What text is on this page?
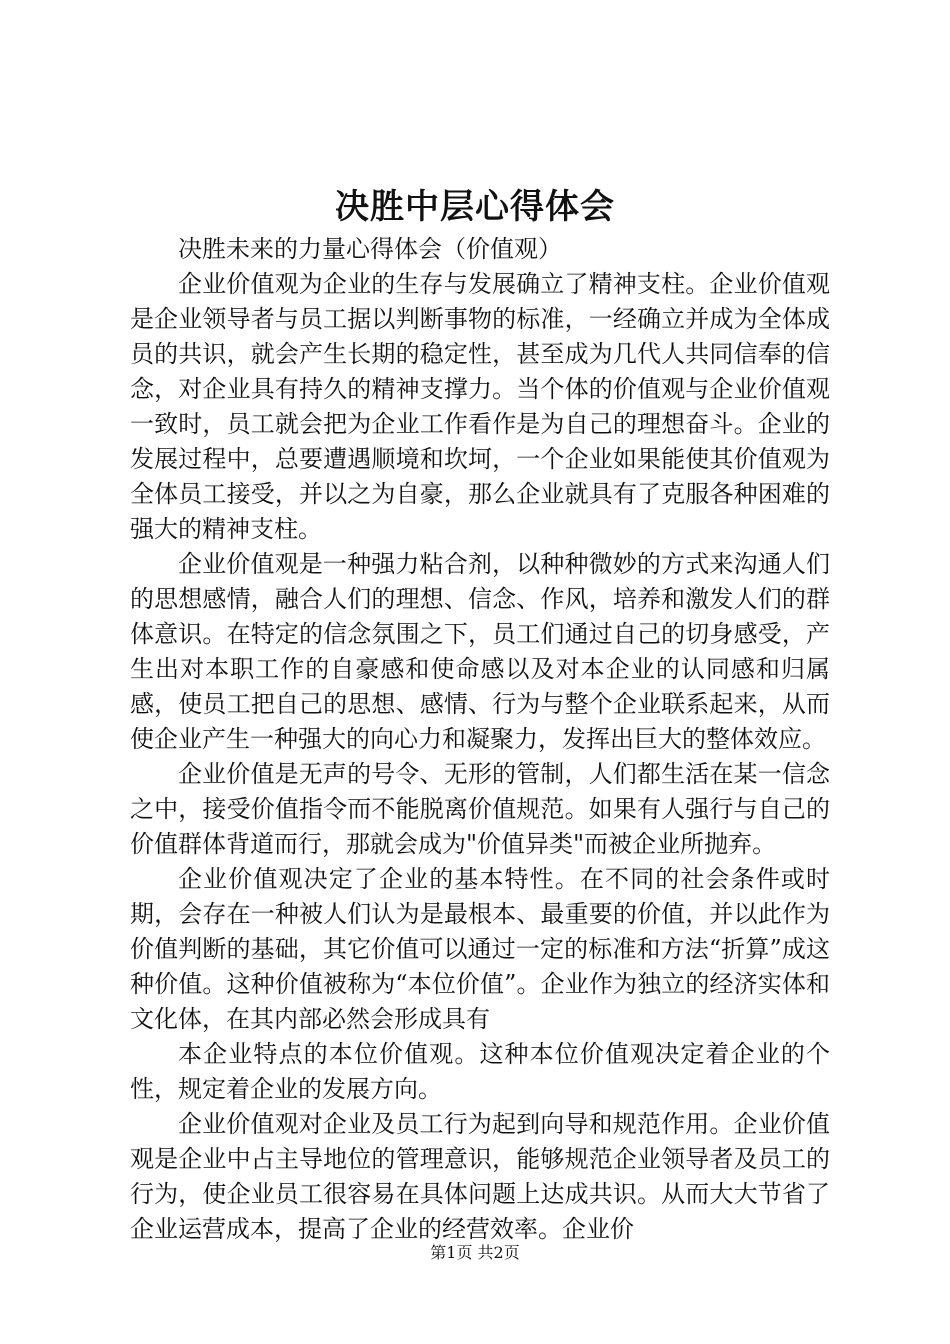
决胜中层心得体会

决胜未来的力量心得体会（价值观）

企业价值观为企业的生存与发展确立了精神支柱。企业价值观是企业领导者与员工据以判断事物的标准，一经确立并成为全体成员的共识，就会产生长期的稳定性，甚至成为几代人共同信奉的信念，对企业具有持久的精神支撑力。当个体的价值观与企业价值观一致时，员工就会把为企业工作看作是为自己的理想奋斗。企业的发展过程中，总要遭遇顺境和坎坷，一个企业如果能使其价值观为全体员工接受，并以之为自豪，那么企业就具有了克服各种困难的强大的精神支柱。

企业价值观是一种强力粘合剂，以种种微妙的方式来沟通人们的思想感情，融合人们的理想、信念、作风，培养和激发人们的群体意识。在特定的信念氛围之下，员工们通过自己的切身感受，产生出对本职工作的自豪感和使命感以及对本企业的认同感和归属感，使员工把自己的思想、感情、行为与整个企业联系起来，从而使企业产生一种强大的向心力和凝聚力，发挥出巨大的整体效应。

企业价值是无声的号令、无形的管制，人们都生活在某一信念之中，接受价值指令而不能脱离价值规范。如果有人强行与自己的价值群体背道而行，那就会成为"价值异类"而被企业所抛弃。

企业价值观决定了企业的基本特性。在不同的社会条件或时期，会存在一种被人们认为是最根本、最重要的价值，并以此作为价值判断的基础，其它价值可以通过一定的标准和方法“折算”成这种价值。这种价值被称为“本位价值”。企业作为独立的经济实体和文化体，在其内部必然会形成具有

本企业特点的本位价值观。这种本位价值观决定着企业的个性，规定着企业的发展方向。

企业价值观对企业及员工行为起到向导和规范作用。企业价值观是企业中占主导地位的管理意识，能够规范企业领导者及员工的行为，使企业员工很容易在具体问题上达成共识。从而大大节省了企业运营成本，提高了企业的经营效率。企业价

第1页 共2页
